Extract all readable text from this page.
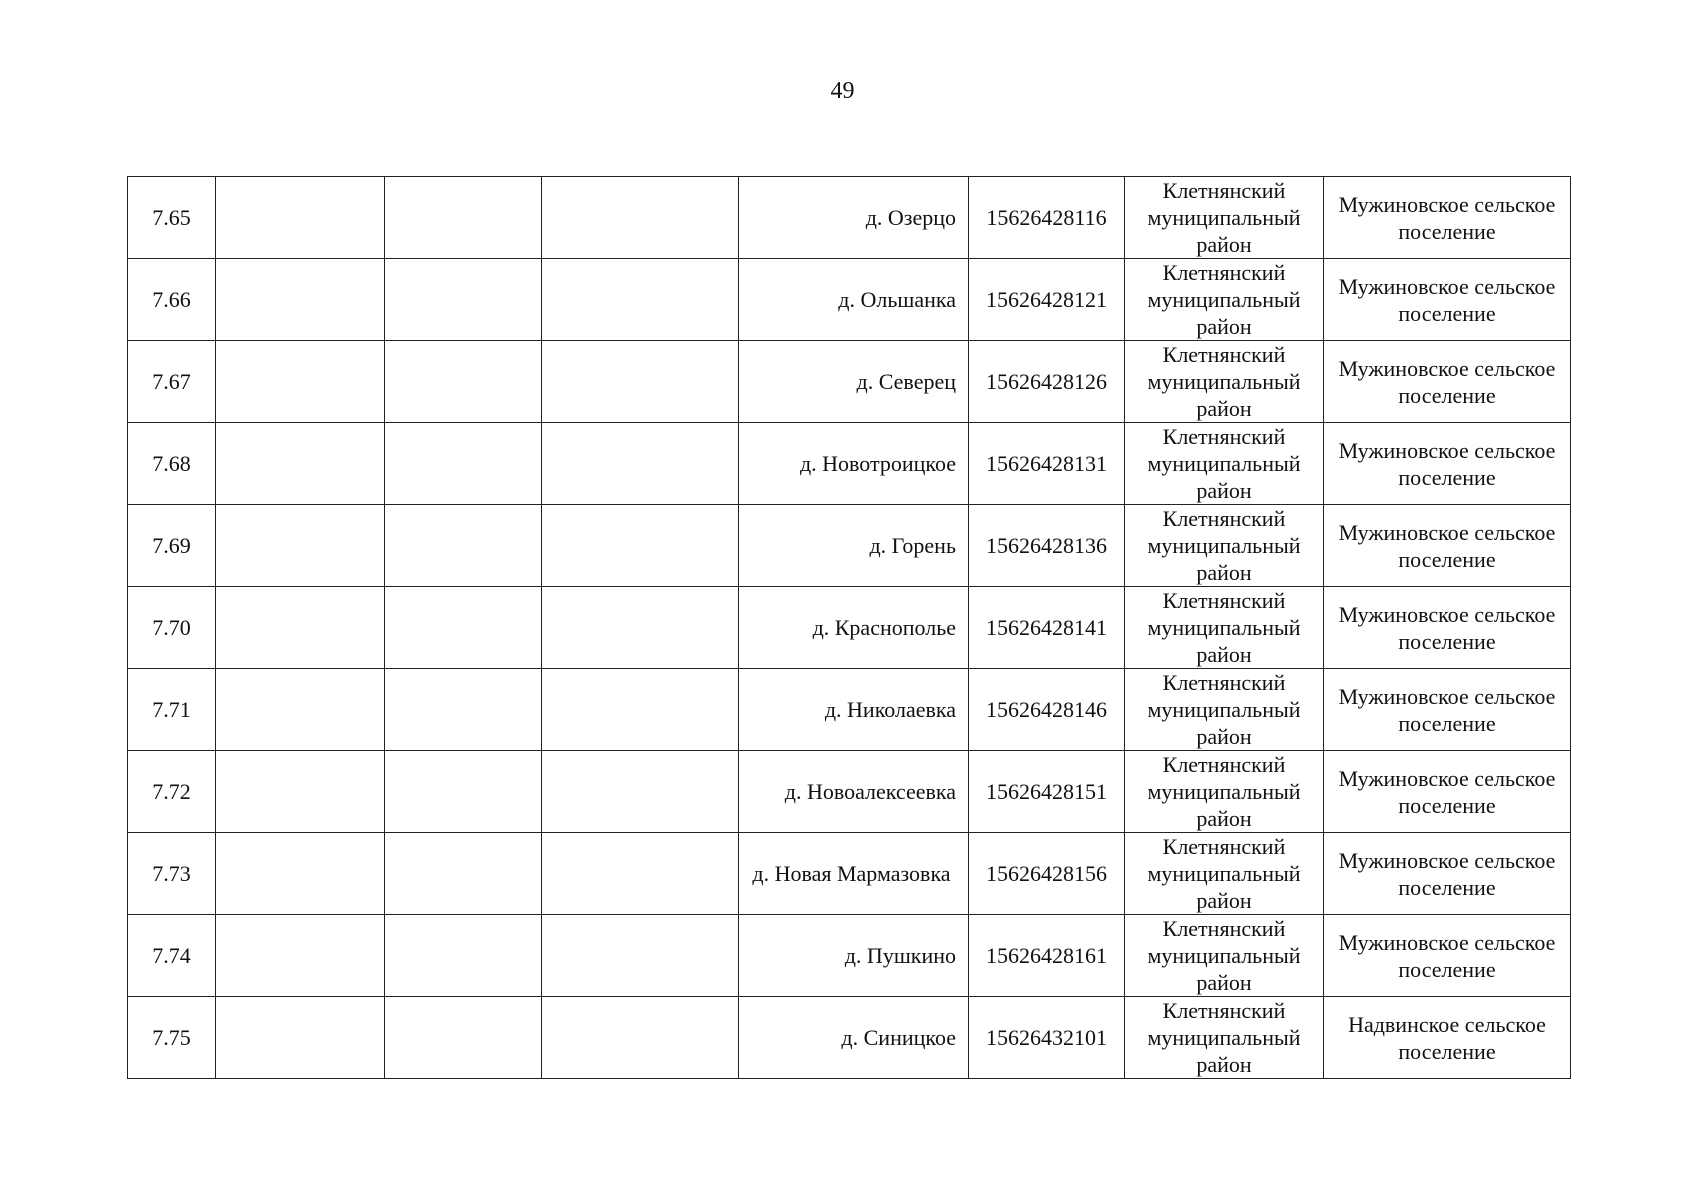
49
7.65				д. Озерцо	15626428116	Клетнянский муниципальный район	Мужиновское сельское поселение
7.66				д. Ольшанка	15626428121	Клетнянский муниципальный район	Мужиновское сельское поселение
7.67				д. Северец	15626428126	Клетнянский муниципальный район	Мужиновское сельское поселение
7.68				д. Новотроицкое	15626428131	Клетнянский муниципальный район	Мужиновское сельское поселение
7.69				д. Горень	15626428136	Клетнянский муниципальный район	Мужиновское сельское поселение
7.70				д. Краснополье	15626428141	Клетнянский муниципальный район	Мужиновское сельское поселение
7.71				д. Николаевка	15626428146	Клетнянский муниципальный район	Мужиновское сельское поселение
7.72				д. Новоалексеевка	15626428151	Клетнянский муниципальный район	Мужиновское сельское поселение
7.73				д. Новая Мармазовка	15626428156	Клетнянский муниципальный район	Мужиновское сельское поселение
7.74				д. Пушкино	15626428161	Клетнянский муниципальный район	Мужиновское сельское поселение
7.75				д. Синицкое	15626432101	Клетнянский муниципальный район	Надвинское сельское поселение
